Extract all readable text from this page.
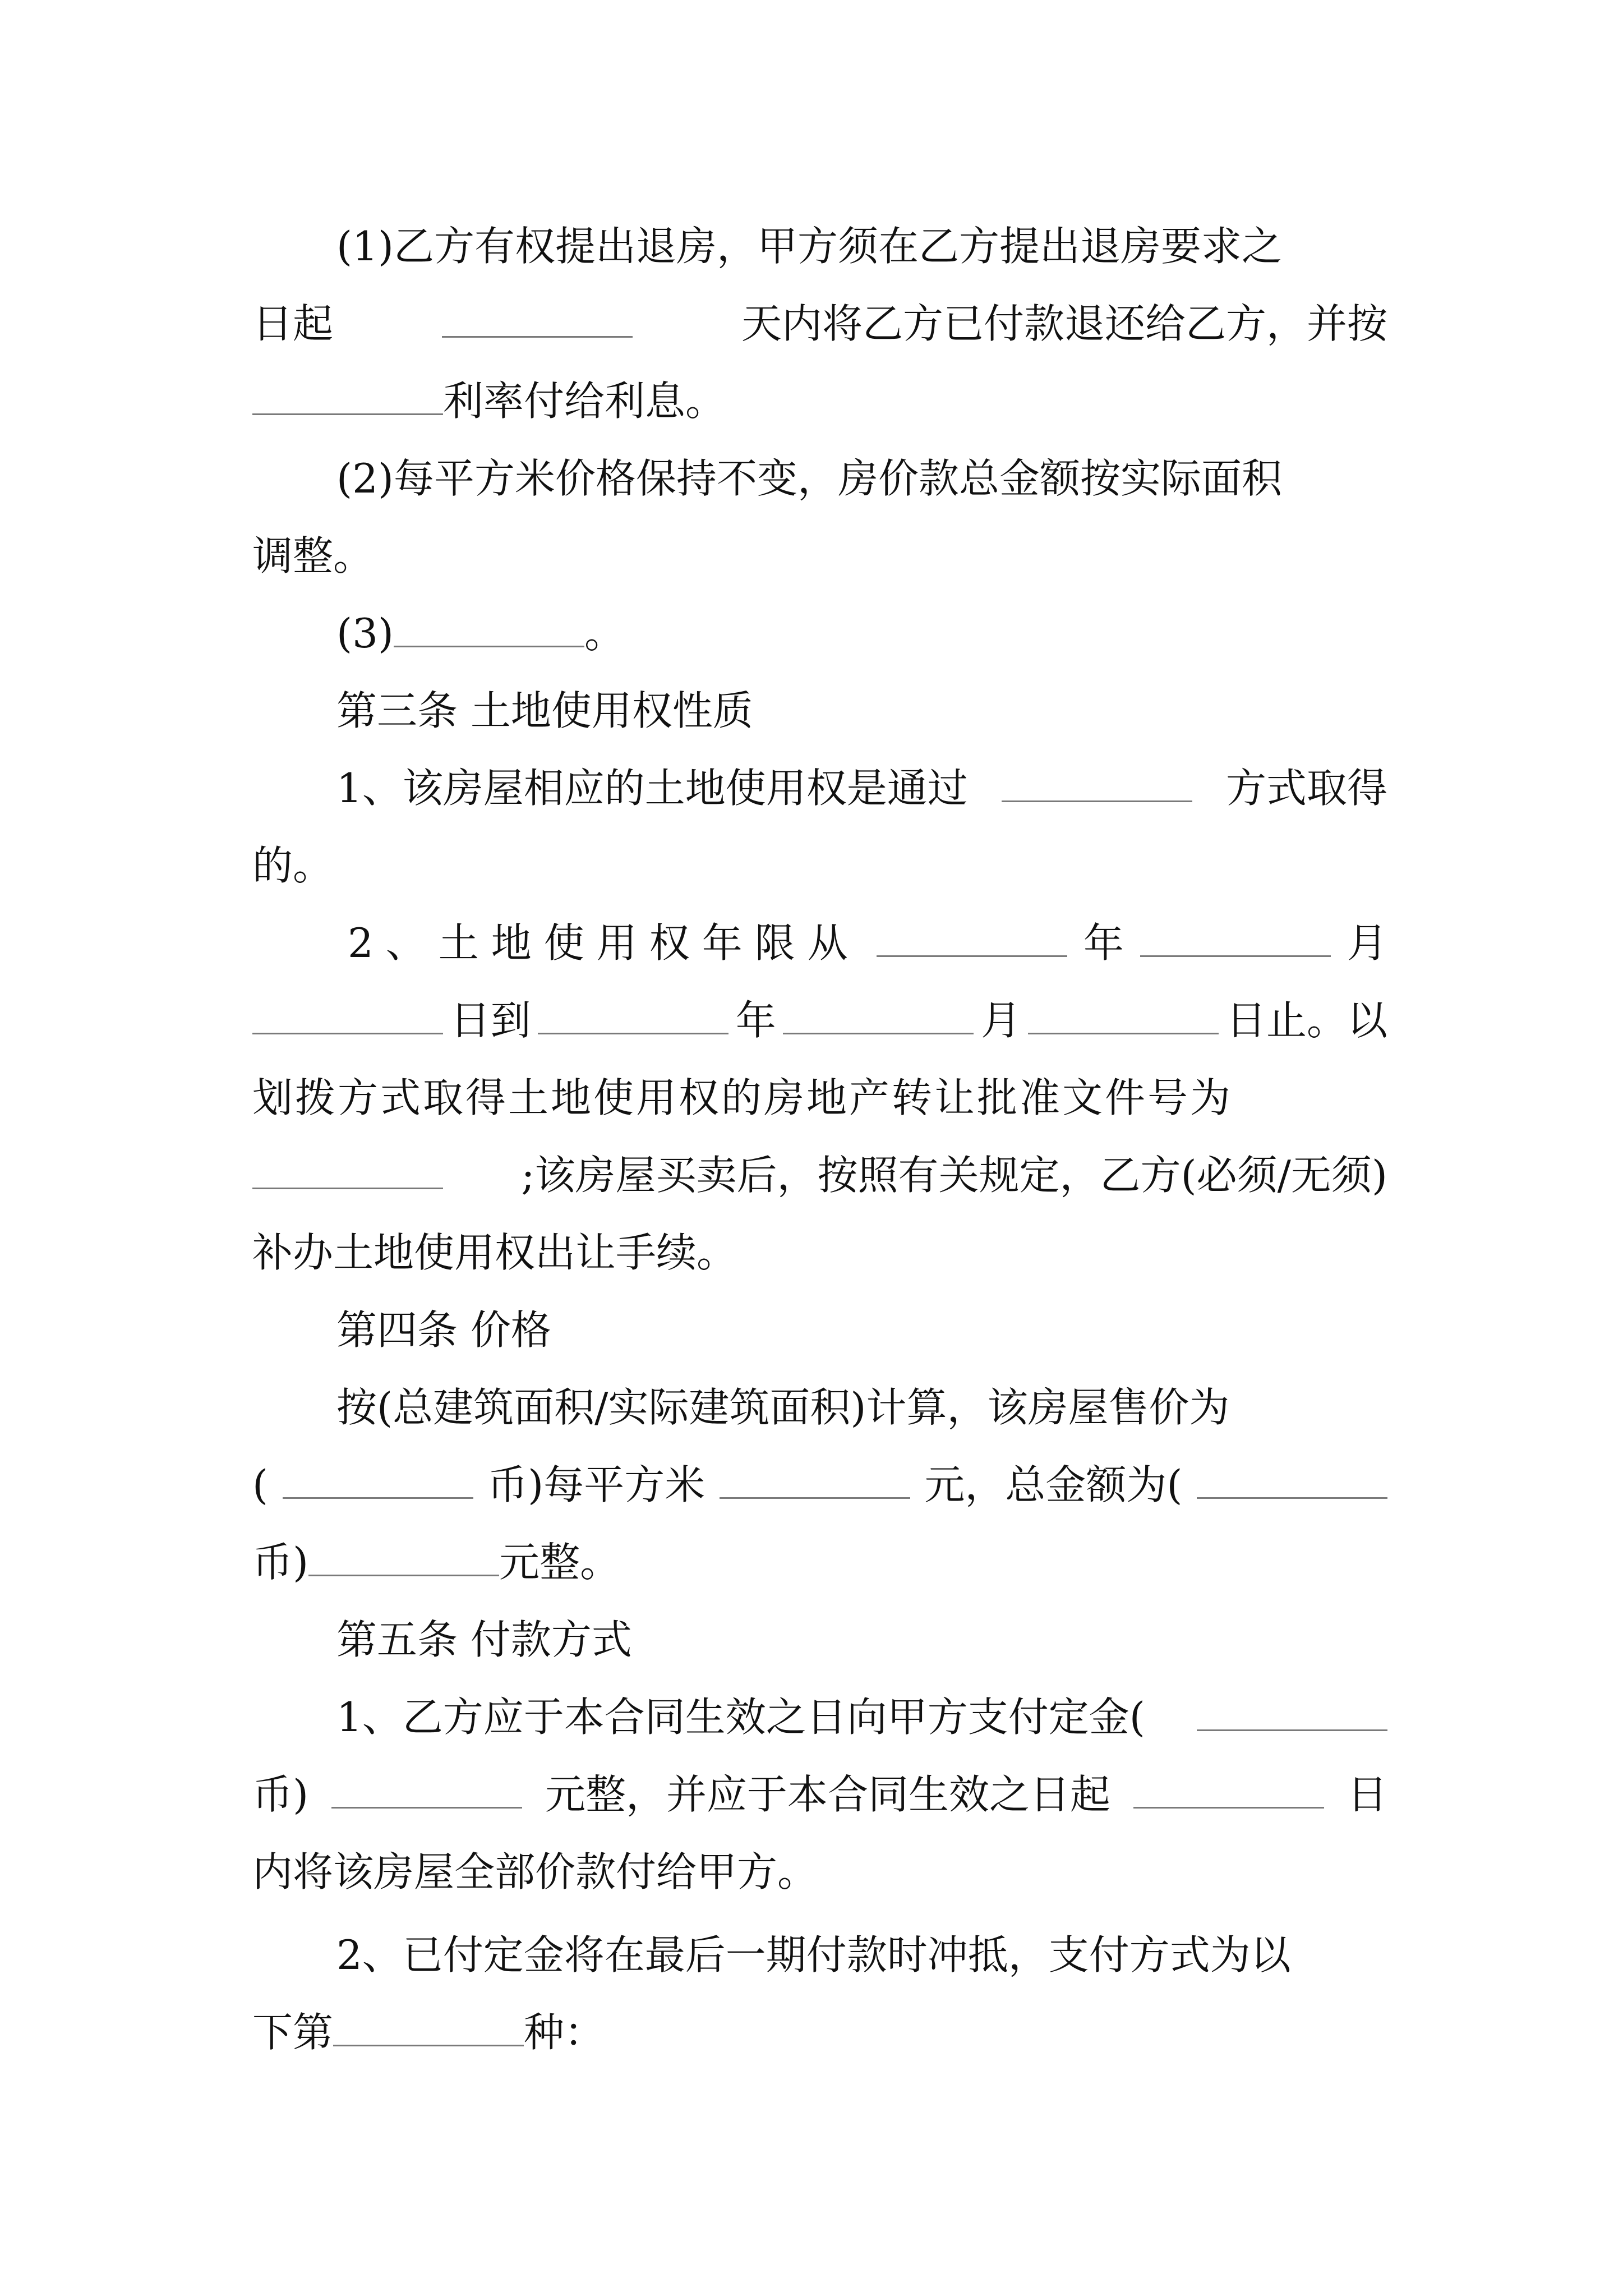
(1)乙方有权提出退房，甲方须在乙方提出退房要求之
日起	天内将乙方已付款退还给乙方，并按
利率付给利息。
(2)每平方米价格保持不变，房价款总金额按实际面积
调整。
(3)	。
第三条 土地使用权性质
1、该房屋相应的土地使用权是通过	方式取得
的。
2、土地使用权年限从	年	月
日到	年	月	日止。以
划拨方式取得土地使用权的房地产转让批准文件号为
;该房屋买卖后，按照有关规定，乙方(必须/无须)
补办土地使用权出让手续。
第四条 价格
按(总建筑面积/实际建筑面积)计算，该房屋售价为
(	币)每平方米	元，总金额为(
币)	元整。
第五条 付款方式
1、乙方应于本合同生效之日向甲方支付定金(
币)	元整，并应于本合同生效之日起	日
内将该房屋全部价款付给甲方。
2、已付定金将在最后一期付款时冲抵，支付方式为以
下第	种：
